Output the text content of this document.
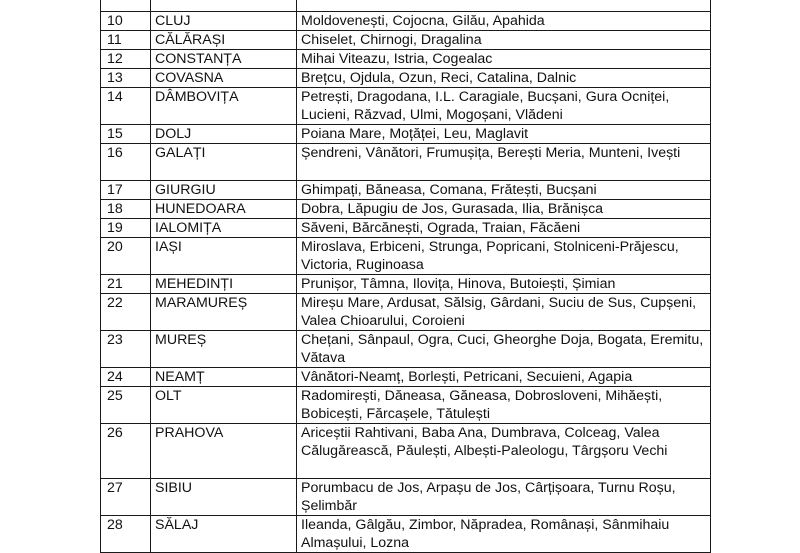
10	CLUJ	Moldovenești, Cojocna, Gilău, Apahida
11	CĂLĂRAȘI	Chiselet, Chirnogi, Dragalina
12	CONSTANȚA	Mihai Viteazu, Istria, Cogealac
13	COVASNA	Brețcu, Ojdula, Ozun, Reci, Catalina, Dalnic
14	DÂMBOVIȚA	Petrești, Dragodana, I.L. Caragiale, Bucșani, Gura Ocniței, Lucieni, Răzvad, Ulmi, Mogoșani, Vlădeni
15	DOLJ	Poiana Mare, Moțăței, Leu, Maglavit
16	GALAȚI	Șendreni, Vânători, Frumușița, Berești Meria, Munteni, Ivești
17	GIURGIU	Ghimpați, Băneasa, Comana, Frătești, Bucșani
18	HUNEDOARA	Dobra, Lăpugiu de Jos, Gurasada, Ilia, Brănișca
19	IALOMIȚA	Săveni, Bărcănești, Ograda, Traian, Făcăeni
20	IAȘI	Miroslava, Erbiceni, Strunga, Popricani, Stolniceni-Prăjescu, Victoria, Ruginoasa
21	MEHEDINȚI	Prunișor, Tâmna, Ilovița, Hinova, Butoiești, Șimian
22	MARAMUREȘ	Mireșu Mare, Ardusat, Sălsig, Gârdani, Suciu de Sus, Cupșeni, Valea Chioarului, Coroieni
23	MUREȘ	Chețani, Sânpaul, Ogra, Cuci, Gheorghe Doja, Bogata, Eremitu, Vătava
24	NEAMȚ	Vânători-Neamț, Borlești, Petricani, Secuieni, Agapia
25	OLT	Radomirești, Dăneasa, Găneasa, Dobrosloveni, Mihăești, Bobicești, Fărcașele, Tătulești
26	PRAHOVA	Ariceștii Rahtivani, Baba Ana, Dumbrava, Colceag, Valea Călugărească, Păulești, Albești-Paleologu, Târgșoru Vechi
27	SIBIU	Porumbacu de Jos, Arpașu de Jos, Cârțișoara, Turnu Roșu, Șelimbăr
28	SĂLAJ	Ileanda, Gâlgău, Zimbor, Năpradea, Românași, Sânmihaiu Almașului, Lozna
